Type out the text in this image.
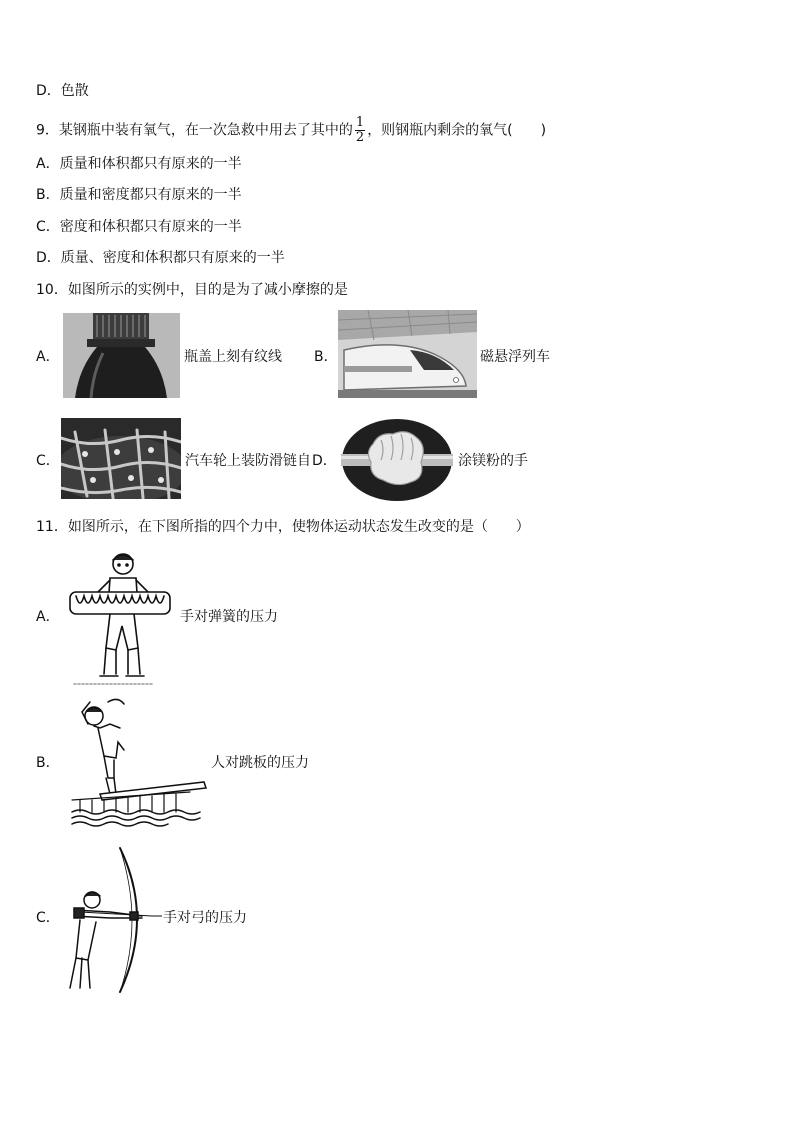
D．色散
9．某钢瓶中装有氧气，在一次急救中用去了其中的 $\frac{1}{2}$ ，则钢瓶内剩余的氧气(　　)
A．质量和体积都只有原来的一半
B．质量和密度都只有原来的一半
C．密度和体积都只有原来的一半
D．质量、密度和体积都只有原来的一半
10．如图所示的实例中，目的是为了减小摩擦的是
A．	瓶盖上刻有纹线 B．	磁悬浮列车
C．	汽车轮上装防滑链自 D．	涂镁粉的手
11．如图所示，在下图所指的四个力中，使物体运动状态发生改变的是（　　）
A．	手对弹簧的压力
B．	人对跳板的压力
C．	手对弓的压力
